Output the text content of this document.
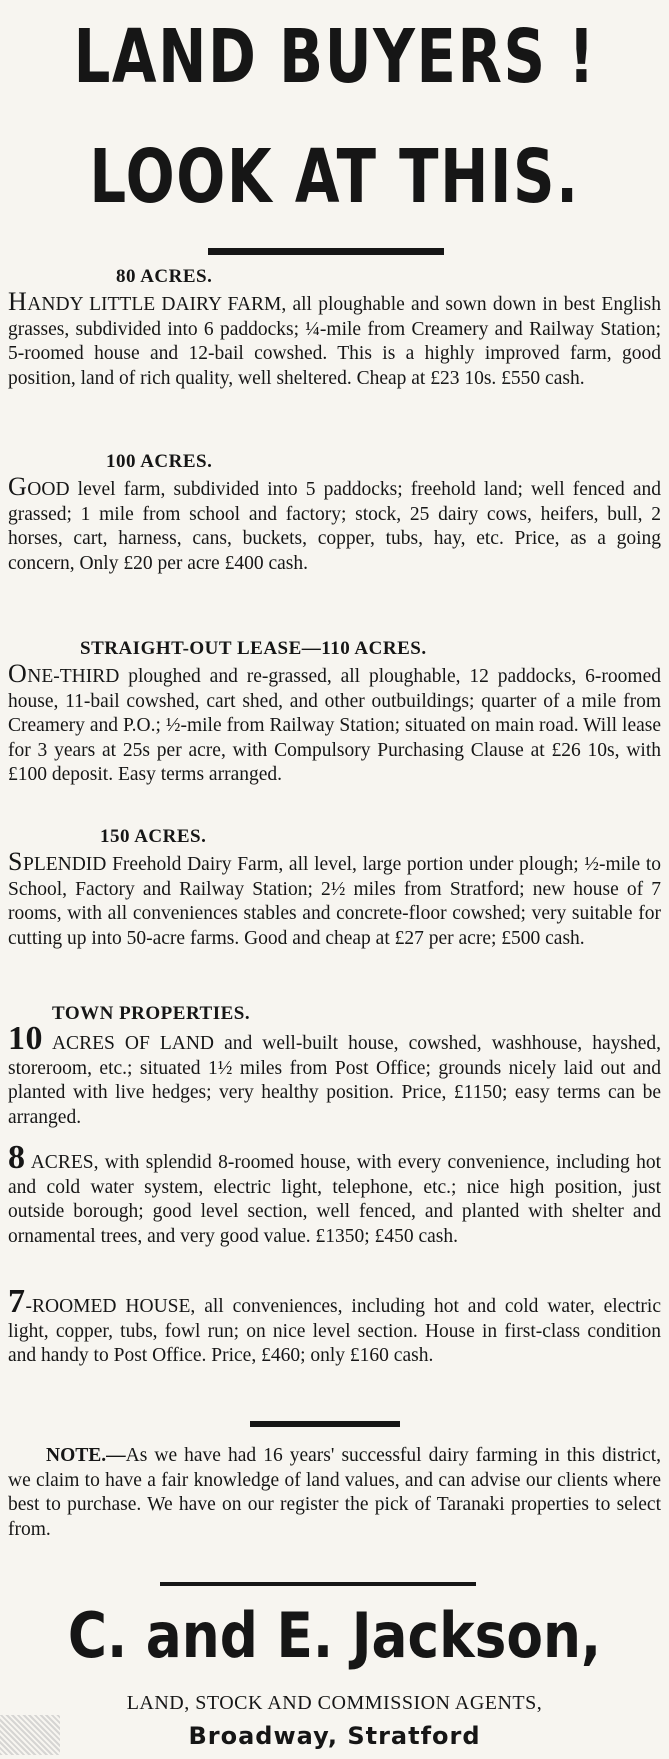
LAND BUYERS !
LOOK AT THIS.
80 ACRES.

HANDY LITTLE DAIRY FARM, all ploughable and sown down in best English grasses, subdivided into 6 paddocks; ¼-mile from Creamery and Railway Station; 5-roomed house and 12-bail cowshed. This is a highly improved farm, good position, land of rich quality, well sheltered. Cheap at £23 10s. £550 cash.

100 ACRES.

GOOD level farm, subdivided into 5 paddocks; freehold land; well fenced and grassed; 1 mile from school and factory; stock, 25 dairy cows, heifers, bull, 2 horses, cart, harness, cans, buckets, copper, tubs, hay, etc. Price, as a going concern, Only £20 per acre £400 cash.

STRAIGHT-OUT LEASE—110 ACRES.

ONE-THIRD ploughed and re-grassed, all ploughable, 12 paddocks, 6-roomed house, 11-bail cowshed, cart shed, and other outbuildings; quarter of a mile from Creamery and P.O.; ½-mile from Railway Station; situated on main road. Will lease for 3 years at 25s per acre, with Compulsory Purchasing Clause at £26 10s, with £100 deposit. Easy terms arranged.

150 ACRES.

SPLENDID Freehold Dairy Farm, all level, large portion under plough; ½-mile to School, Factory and Railway Station; 2½ miles from Stratford; new house of 7 rooms, with all conveniences stables and concrete-floor cowshed; very suitable for cutting up into 50-acre farms. Good and cheap at £27 per acre; £500 cash.

TOWN PROPERTIES.

10 ACRES OF LAND and well-built house, cowshed, washhouse, hayshed, storeroom, etc.; situated 1½ miles from Post Office; grounds nicely laid out and planted with live hedges; very healthy position. Price, £1150; easy terms can be arranged.

8 ACRES, with splendid 8-roomed house, with every convenience, including hot and cold water system, electric light, telephone, etc.; nice high position, just outside borough; good level section, well fenced, and planted with shelter and ornamental trees, and very good value. £1350; £450 cash.

7-ROOMED HOUSE, all conveniences, including hot and cold water, electric light, copper, tubs, fowl run; on nice level section. House in first-class condition and handy to Post Office. Price, £460; only £160 cash.

NOTE.—As we have had 16 years' successful dairy farming in this district, we claim to have a fair knowledge of land values, and can advise our clients where best to purchase. We have on our register the pick of Taranaki properties to select from.

C. and E. Jackson,
LAND, STOCK AND COMMISSION AGENTS,
Broadway, Stratford
